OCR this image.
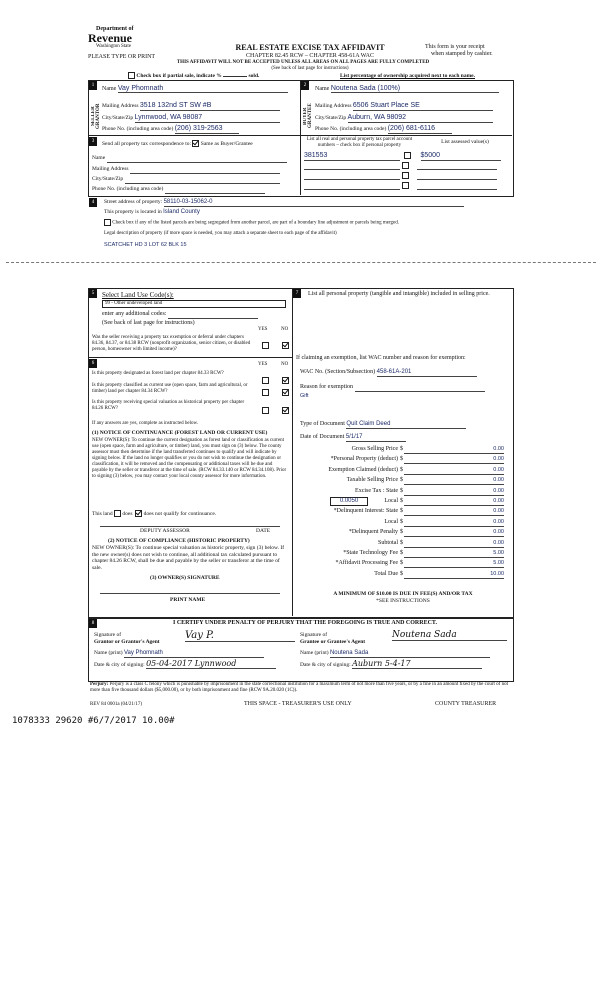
Department of
Revenue
Washington State
PLEASE TYPE OR PRINT
REAL ESTATE EXCISE TAX AFFIDAVIT
CHAPTER 82.45 RCW – CHAPTER 458-61A WAC
THIS AFFIDAVIT WILL NOT BE ACCEPTED UNLESS ALL AREAS ON ALL PAGES ARE FULLY COMPLETED
(See back of last page for instructions)
This form is your receipt
when stamped by cashier.
Check box if partial sale, indicate %	sold.	List percentage of ownership acquired next to each name.
1
SELLER GRANTOR
Name Vay Phomnath
Mailing Address 3518 132nd ST SW #B
City/State/Zip Lynnwood, WA 98087
Phone No. (including area code) (206) 319-2563
2
BUYER GRANTEE
Name Noutena Sada (100%)
Mailing Address 6506 Stuart Place SE
City/State/Zip Auburn, WA 98092
Phone No. (including area code) (206) 681-6116
3	Send all property tax correspondence to: Same as Buyer/Grantee
Name
Mailing Address
City/State/Zip
Phone No. (including area code)
List all real and personal property tax parcel account numbers – check box if personal property
List assessed value(s)
381553	$5000

4	Street address of property: 58110-03-15062-0
This property is located in Island County
Check box if any of the listed parcels are being segregated from another parcel, are part of a boundary line adjustment or parcels being merged.
Legal description of property (if more space is needed, you may attach a separate sheet to each page of the affidavit)
SCATCHET HD 3 LOT 62 BLK 15
5	Select Land Use Code(s):
99 - Other undeveloped land
enter any additional codes:
(See back of last page for instructions)
YES	NO
Was the seller receiving a property tax exemption or deferral under chapters 84.36, 84.37, or 84.38 RCW (nonprofit organization, senior citizen, or disabled person, homeowner with limited income)?
6	YES	NO
Is this property designated as forest land per chapter 84.33 RCW?
Is this property classified as current use (open space, farm and agricultural, or timber) land per chapter 84.34 RCW?
Is this property receiving special valuation as historical property per chapter 84.26 RCW?
If any answers are yes, complete as instructed below.
(1) NOTICE OF CONTINUANCE (FOREST LAND OR CURRENT USE)
NEW OWNER(S): To continue the current designation as forest land or classification as current use (open space, farm and agriculture, or timber) land, you must sign on (3) below. The county assessor must then determine if the land transferred continues to qualify and will indicate by signing below. If the land no longer qualifies or you do not wish to continue the designation or classification, it will be removed and the compensating or additional taxes will be due and payable by the seller or transferor at the time of sale. (RCW 84.33.140 or RCW 84.34.108). Prior to signing (3) below, you may contact your local county assessor for more information.
This land does does not qualify for continuance.
DEPUTY ASSESSOR	DATE
(2) NOTICE OF COMPLIANCE (HISTORIC PROPERTY)
NEW OWNER(S): To continue special valuation as historic property, sign (3) below. If the new owner(s) does not wish to continue, all additional tax calculated pursuant to chapter 84.26 RCW, shall be due and payable by the seller or transferor at the time of sale.
(3) OWNER(S) SIGNATURE
PRINT NAME
7	List all personal property (tangible and intangible) included in selling price.
If claiming an exemption, list WAC number and reason for exemption:
WAC No. (Section/Subsection) 458-61A-201
Reason for exemption
Gift
Type of Document Quit Claim Deed
Date of Document 5/1/17
Gross Selling Price $	0.00
*Personal Property (deduct) $	0.00
Exemption Claimed (deduct) $	0.00
Taxable Selling Price $	0.00
Excise Tax : State $	0.00
0.0050	Local $	0.00
*Delinquent Interest: State $	0.00
Local $	0.00
*Delinquent Penalty $	0.00
Subtotal $	0.00
*State Technology Fee $	5.00
*Affidavit Processing Fee $	5.00
Total Due $	10.00
A MINIMUM OF $10.00 IS DUE IN FEE(S) AND/OR TAX
*SEE INSTRUCTIONS
8	I CERTIFY UNDER PENALTY OF PERJURY THAT THE FOREGOING IS TRUE AND CORRECT.
Signature of
Grantor or Grantor's Agent
Vay P.
Name (print) Vay Phomnath
Date & city of signing: 05-04-2017 Lynnwood
Signature of
Grantee or Grantee's Agent
Noutena Sada
Name (print) Noutena Sada
Date & city of signing: Auburn 5-4-17
Perjury: Perjury is a class C felony which is punishable by imprisonment in the state correctional institution for a maximum term of not more than five years, or by a fine in an amount fixed by the court of not more than five thousand dollars ($5,000.00), or by both imprisonment and fine (RCW 9A.20.020 (1C)).
REV 84 0001a (04/21/17)	THIS SPACE - TREASURER'S USE ONLY	COUNTY TREASURER
1078333 29620 #6/7/2017 10.00#
